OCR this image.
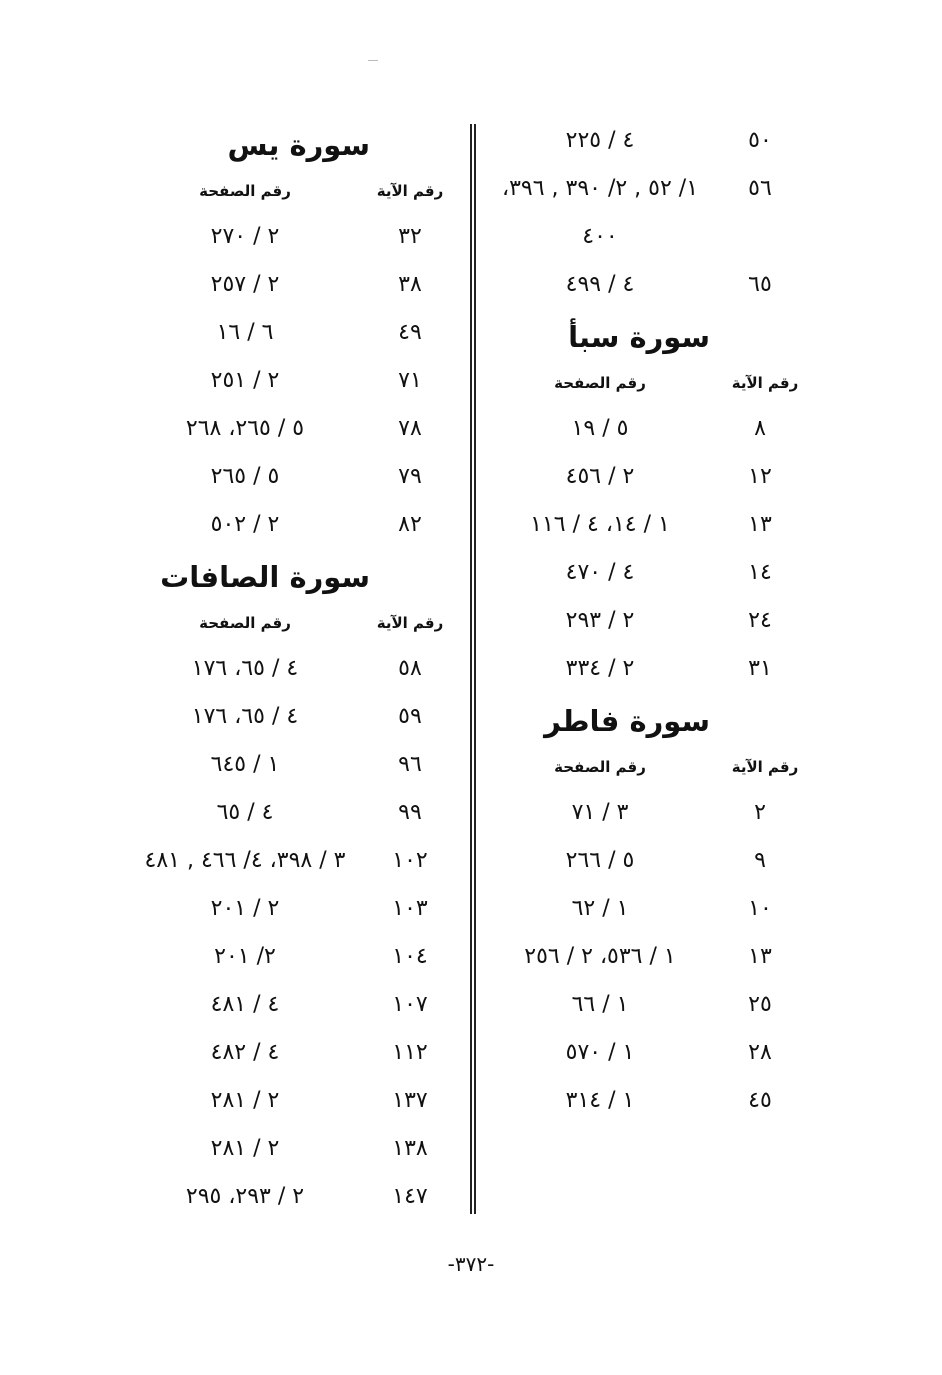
٥٠
٤ / ٢٢٥
٥٦
١/ ٥٢ , ٢/ ٣٩٠ , ٣٩٦،
٤٠٠
٦٥
٤ / ٤٩٩
سورة سبأ
رقم الآية
رقم الصفحة
٨
٥ / ١٩
١٢
٢ / ٤٥٦
١٣
١ / ١٤، ٤ / ١١٦
١٤
٤ / ٤٧٠
٢٤
٢ / ٢٩٣
٣١
٢ / ٣٣٤
سورة فاطر
رقم الآية
رقم الصفحة
٢
٣ / ٧١
٩
٥ / ٢٦٦
١٠
١ / ٦٢
١٣
١ / ٥٣٦، ٢ / ٢٥٦
٢٥
١ / ٦٦
٢٨
١ / ٥٧٠
٤٥
١ / ٣١٤
سورة يس
رقم الآية
رقم الصفحة
٣٢
٢ / ٢٧٠
٣٨
٢ / ٢٥٧
٤٩
٦ / ١٦
٧١
٢ / ٢٥١
٧٨
٥ / ٢٦٥، ٢٦٨
٧٩
٥ / ٢٦٥
٨٢
٢ / ٥٠٢
سورة الصافات
رقم الآية
رقم الصفحة
٥٨
٤ / ٦٥، ١٧٦
٥٩
٤ / ٦٥، ١٧٦
٩٦
١ / ٦٤٥
٩٩
٤ / ٦٥
١٠٢
٣ / ٣٩٨، ٤/ ٤٦٦ , ٤٨١
١٠٣
٢ / ٢٠١
١٠٤
٢/ ٢٠١
١٠٧
٤ / ٤٨١
١١٢
٤ / ٤٨٢
١٣٧
٢ / ٢٨١
١٣٨
٢ / ٢٨١
١٤٧
٢ / ٢٩٣، ٢٩٥
-٣٧٢-
